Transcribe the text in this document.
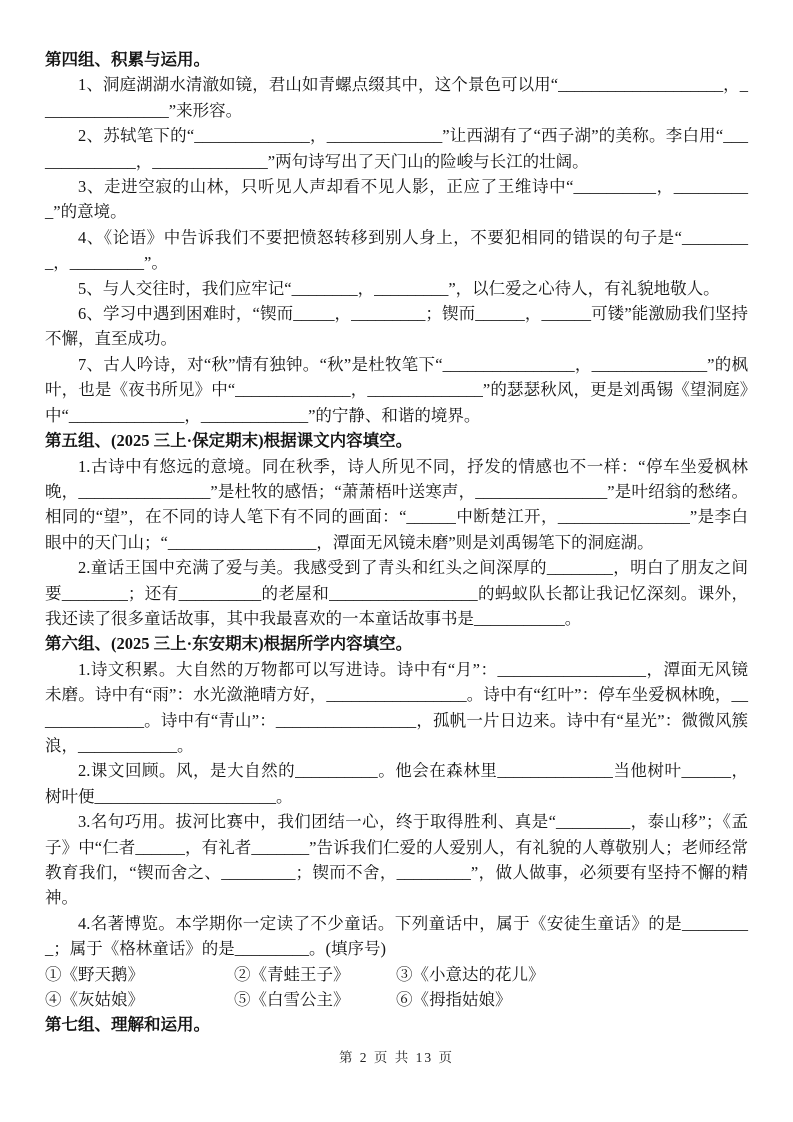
第四组、积累与运用。

1、洞庭湖湖水清澈如镜，君山如青螺点缀其中，这个景色可以用“____________________，________________”来形容。

2、苏轼笔下的“______________，______________”让西湖有了“西子湖”的美称。李白用“______________，______________”两句诗写出了天门山的险峻与长江的壮阔。

3、走进空寂的山林，只听见人声却看不见人影，正应了王维诗中“__________，__________”的意境。

4、《论语》中告诉我们不要把愤怒转移到别人身上，不要犯相同的错误的句子是“_________，_________”。

5、与人交往时，我们应牢记“________，_________”，以仁爱之心待人，有礼貌地敬人。

6、学习中遇到困难时，“锲而_____，_________；锲而______，______可镂”能激励我们坚持不懈，直至成功。

7、古人吟诗，对“秋”情有独钟。“秋”是杜牧笔下“________________，______________”的枫叶，也是《夜书所见》中“______________，______________”的瑟瑟秋风，更是刘禹锡《望洞庭》中“______________，_____________”的宁静、和谐的境界。

第五组、(2025 三上·保定期末)根据课文内容填空。

1.古诗中有悠远的意境。同在秋季，诗人所见不同，抒发的情感也不一样：“停车坐爱枫林晚，________________”是杜牧的感悟；“萧萧梧叶送寒声，________________”是叶绍翁的愁绪。相同的“望”，在不同的诗人笔下有不同的画面：“______中断楚江开，________________”是李白眼中的天门山；“__________________，潭面无风镜未磨”则是刘禹锡笔下的洞庭湖。

2.童话王国中充满了爱与美。我感受到了青头和红头之间深厚的________，明白了朋友之间要________；还有__________的老屋和__________________的蚂蚁队长都让我记忆深刻。课外，我还读了很多童话故事，其中我最喜欢的一本童话故事书是___________。

第六组、(2025 三上·东安期末)根据所学内容填空。

1.诗文积累。大自然的万物都可以写进诗。诗中有“月”：__________________，潭面无风镜未磨。诗中有“雨”：水光潋滟晴方好，_________________。诗中有“红叶”：停车坐爱枫林晚，______________。诗中有“青山”：_________________，孤帆一片日边来。诗中有“星光”：微微风簇浪，____________。

2.课文回顾。风，是大自然的__________。他会在森林里______________当他树叶______，树叶便______________________。

3.名句巧用。拔河比赛中，我们团结一心，终于取得胜利、真是“_________，泰山移”；《孟子》中“仁者______，有礼者_______”告诉我们仁爱的人爱别人，有礼貌的人尊敬别人；老师经常教育我们，“锲而舍之、_________；锲而不舍，_________”，做人做事，必须要有坚持不懈的精神。

4.名著博览。本学期你一定读了不少童话。下列童话中，属于《安徒生童话》的是_________；属于《格林童话》的是_________。(填序号)

①《野天鹅》	②《青蛙王子》	③《小意达的花儿》
④《灰姑娘》	⑤《白雪公主》	⑥《拇指姑娘》
第七组、理解和运用。
第 2 页 共 13 页
